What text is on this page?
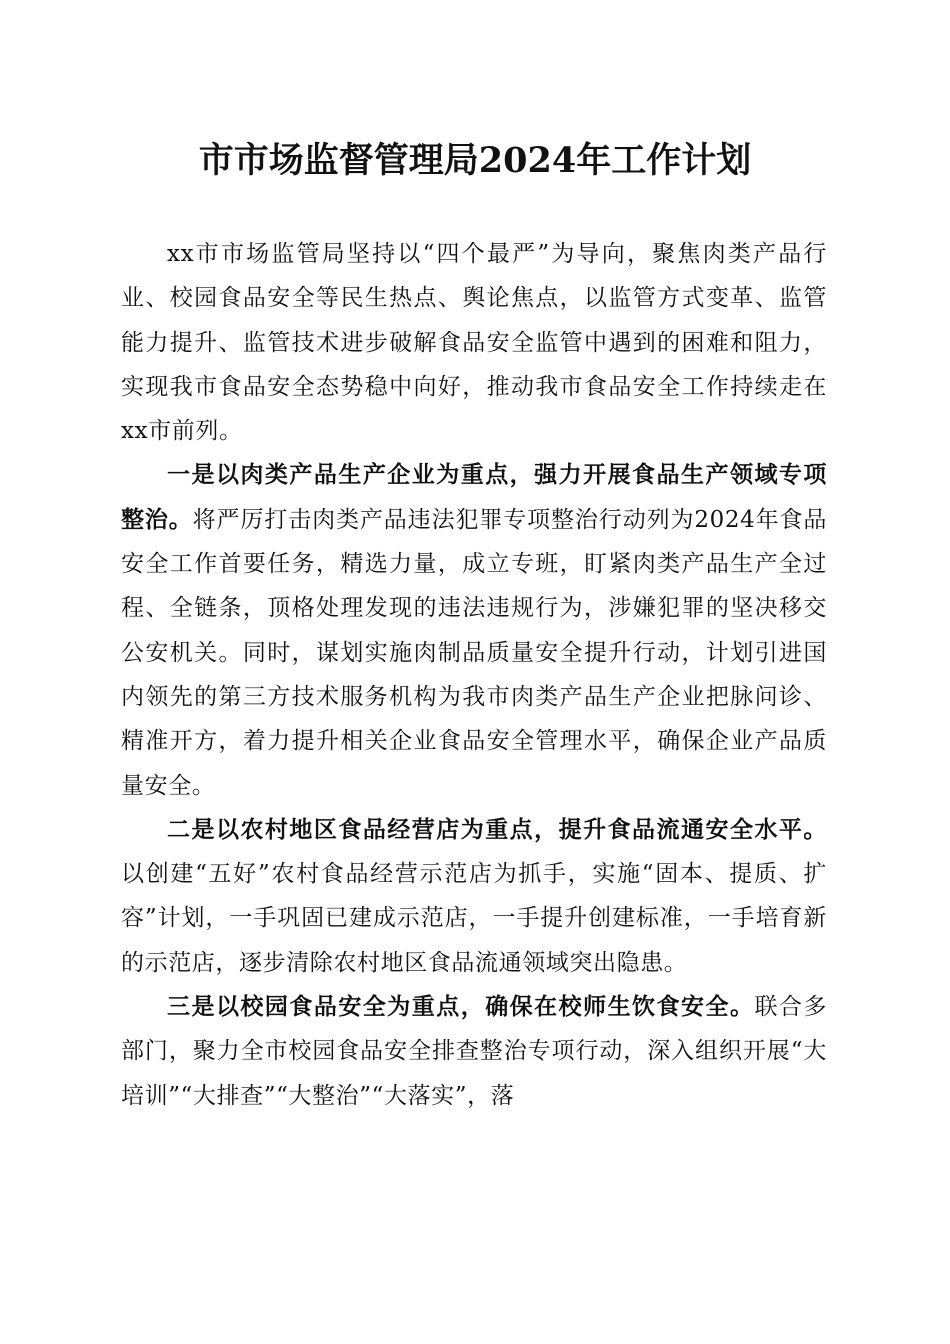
市市场监督管理局2024年工作计划

xx市市场监管局坚持以“四个最严”为导向，聚焦肉类产品行业、校园食品安全等民生热点、舆论焦点，以监管方式变革、监管能力提升、监管技术进步破解食品安全监管中遇到的困难和阻力，实现我市食品安全态势稳中向好，推动我市食品安全工作持续走在xx市前列。

一是以肉类产品生产企业为重点，强力开展食品生产领域专项整治。将严厉打击肉类产品违法犯罪专项整治行动列为2024年食品安全工作首要任务，精选力量，成立专班，盯紧肉类产品生产全过程、全链条，顶格处理发现的违法违规行为，涉嫌犯罪的坚决移交公安机关。同时，谋划实施肉制品质量安全提升行动，计划引进国内领先的第三方技术服务机构为我市肉类产品生产企业把脉问诊、精准开方，着力提升相关企业食品安全管理水平，确保企业产品质量安全。

二是以农村地区食品经营店为重点，提升食品流通安全水平。以创建“五好”农村食品经营示范店为抓手，实施“固本、提质、扩容”计划，一手巩固已建成示范店，一手提升创建标准，一手培育新的示范店，逐步清除农村地区食品流通领域突出隐患。

三是以校园食品安全为重点，确保在校师生饮食安全。联合多部门，聚力全市校园食品安全排查整治专项行动，深入组织开展“大培训”“大排查”“大整治”“大落实”，落
